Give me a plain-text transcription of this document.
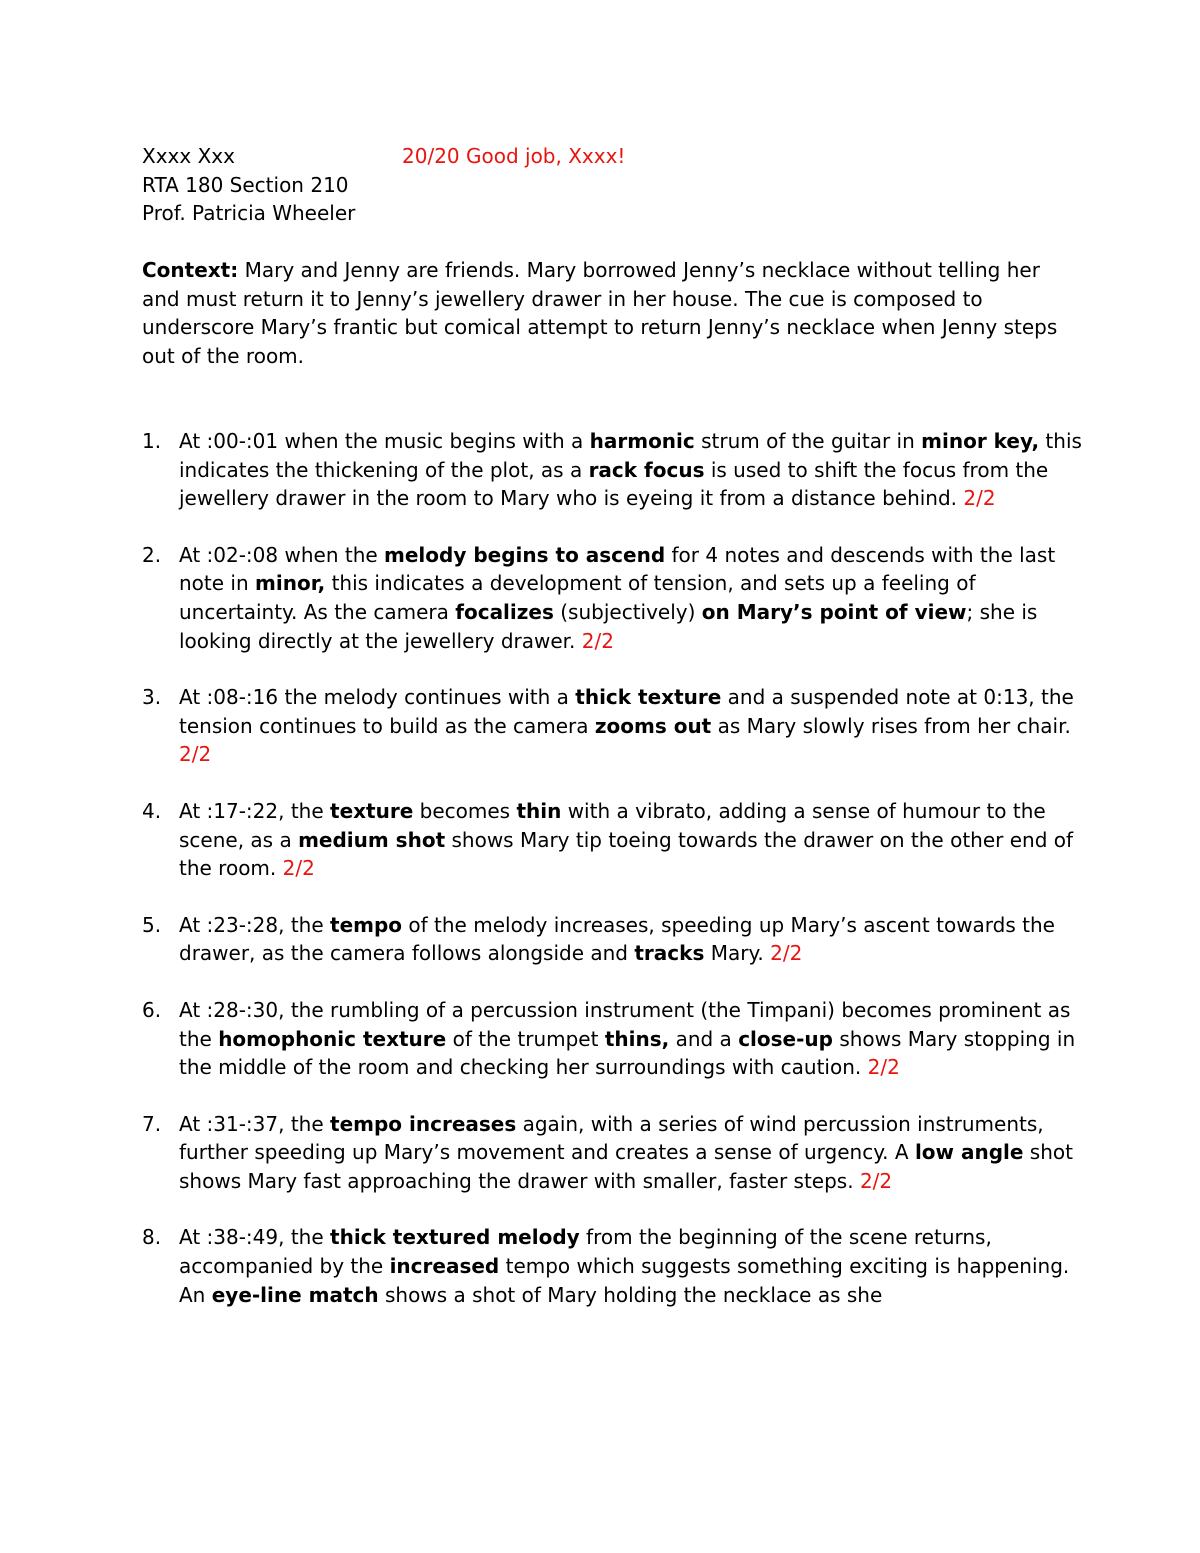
Xxxx Xxx
RTA 180 Section 210
Prof. Patricia Wheeler
20/20 Good job, Xxxx!
Context: Mary and Jenny are friends. Mary borrowed Jenny’s necklace without telling her and must return it to Jenny’s jewellery drawer in her house. The cue is composed to underscore Mary’s frantic but comical attempt to return Jenny’s necklace when Jenny steps out of the room.
1. At :00-:01 when the music begins with a harmonic strum of the guitar in minor key, this indicates the thickening of the plot, as a rack focus is used to shift the focus from the jewellery drawer in the room to Mary who is eyeing it from a distance behind. 2/2
2. At :02-:08 when the melody begins to ascend for 4 notes and descends with the last note in minor, this indicates a development of tension, and sets up a feeling of uncertainty. As the camera focalizes (subjectively) on Mary’s point of view; she is looking directly at the jewellery drawer. 2/2
3. At :08-:16 the melody continues with a thick texture and a suspended note at 0:13, the tension continues to build as the camera zooms out as Mary slowly rises from her chair. 2/2
4. At :17-:22, the texture becomes thin with a vibrato, adding a sense of humour to the scene, as a medium shot shows Mary tip toeing towards the drawer on the other end of the room. 2/2
5. At :23-:28, the tempo of the melody increases, speeding up Mary’s ascent towards the drawer, as the camera follows alongside and tracks Mary. 2/2
6. At :28-:30, the rumbling of a percussion instrument (the Timpani) becomes prominent as the homophonic texture of the trumpet thins, and a close-up shows Mary stopping in the middle of the room and checking her surroundings with caution. 2/2
7. At :31-:37, the tempo increases again, with a series of wind percussion instruments, further speeding up Mary’s movement and creates a sense of urgency. A low angle shot shows Mary fast approaching the drawer with smaller, faster steps. 2/2
8. At :38-:49, the thick textured melody from the beginning of the scene returns, accompanied by the increased tempo which suggests something exciting is happening. An eye-line match shows a shot of Mary holding the necklace as she
